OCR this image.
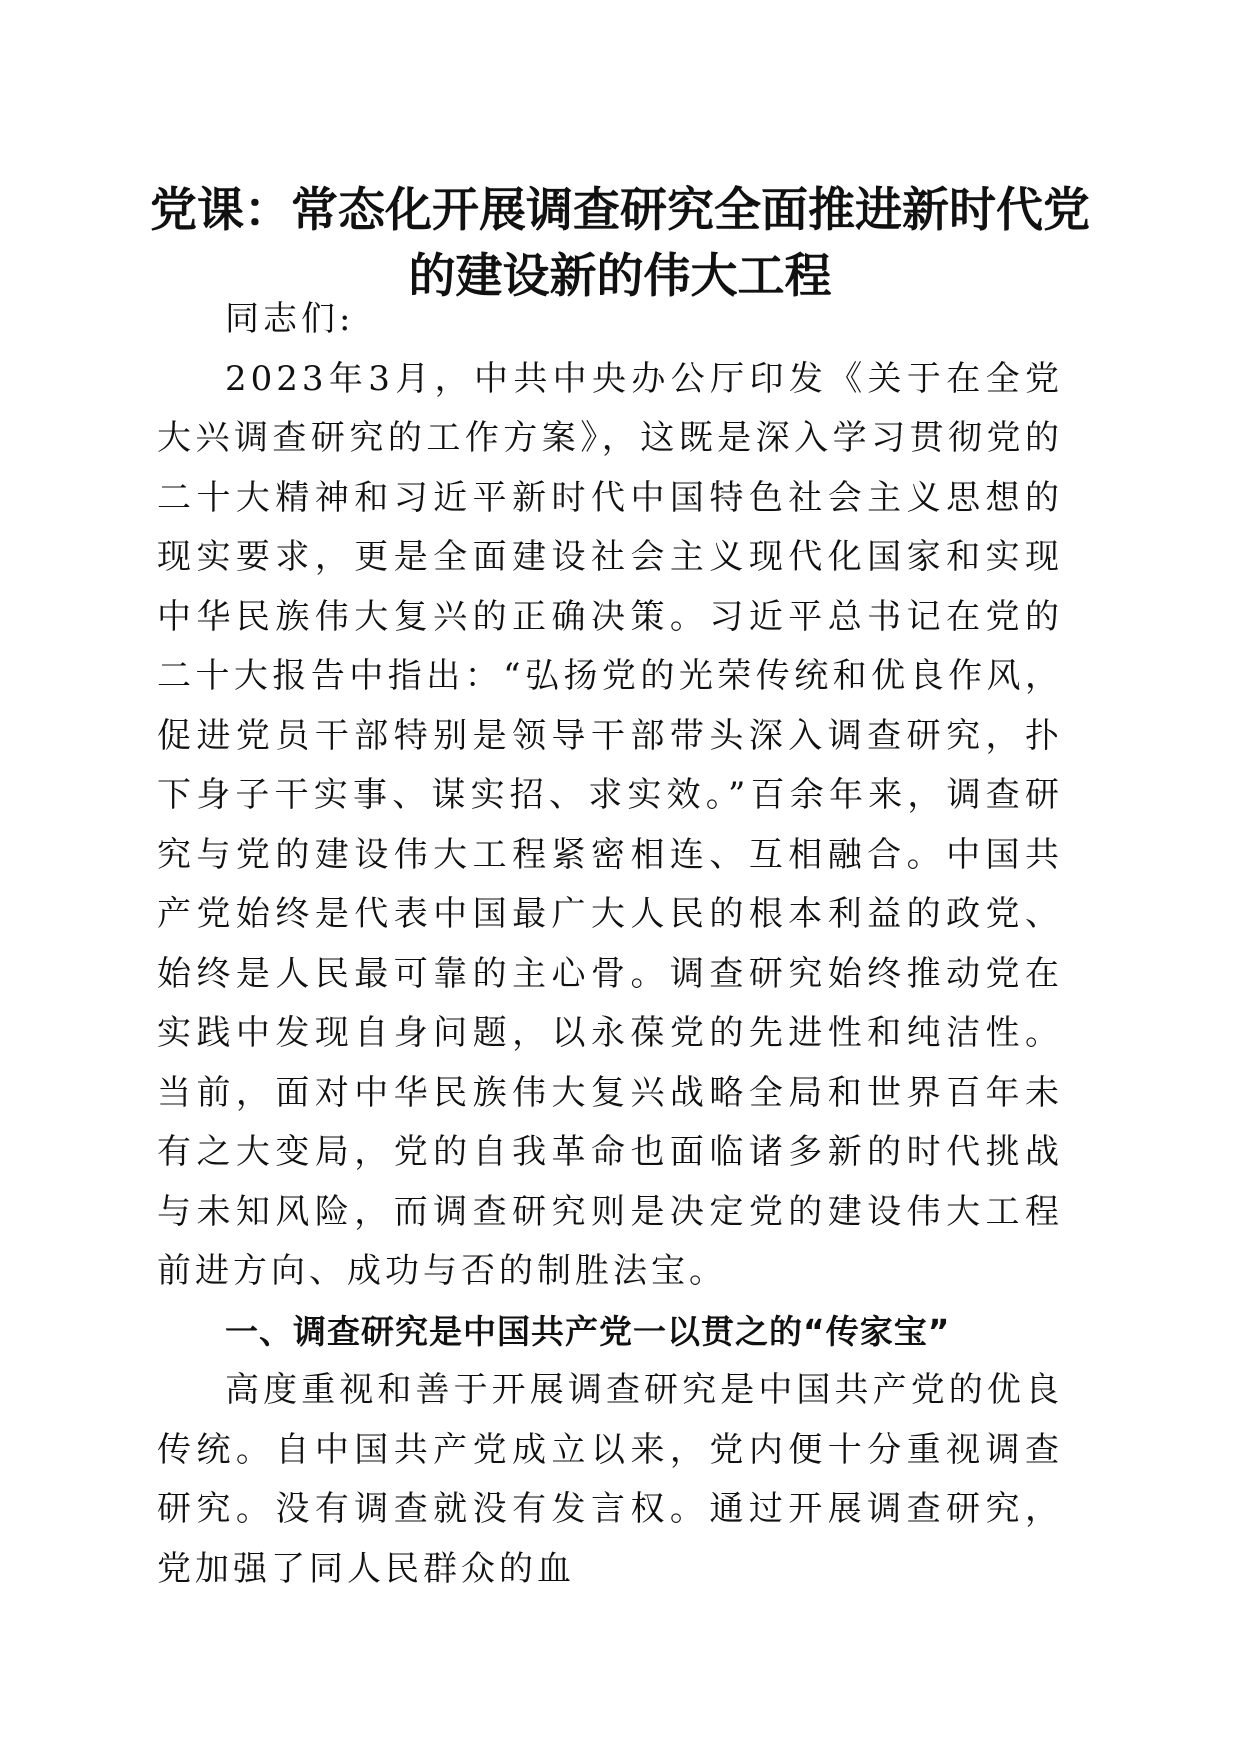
党课：常态化开展调查研究全面推进新时代党
的建设新的伟大工程

同志们:

2023年3月，中共中央办公厅印发《关于在全党大兴调查研究的工作方案》，这既是深入学习贯彻党的二十大精神和习近平新时代中国特色社会主义思想的现实要求，更是全面建设社会主义现代化国家和实现中华民族伟大复兴的正确决策。习近平总书记在党的二十大报告中指出：“弘扬党的光荣传统和优良作风，促进党员干部特别是领导干部带头深入调查研究，扑下身子干实事、谋实招、求实效。”百余年来，调查研究与党的建设伟大工程紧密相连、互相融合。中国共产党始终是代表中国最广大人民的根本利益的政党、始终是人民最可靠的主心骨。调查研究始终推动党在实践中发现自身问题，以永葆党的先进性和纯洁性。当前，面对中华民族伟大复兴战略全局和世界百年未有之大变局，党的自我革命也面临诸多新的时代挑战与未知风险，而调查研究则是决定党的建设伟大工程前进方向、成功与否的制胜法宝。

一、调查研究是中国共产党一以贯之的“传家宝”

高度重视和善于开展调查研究是中国共产党的优良传统。自中国共产党成立以来，党内便十分重视调查研究。没有调查就没有发言权。通过开展调查研究，党加强了同人民群众的血
